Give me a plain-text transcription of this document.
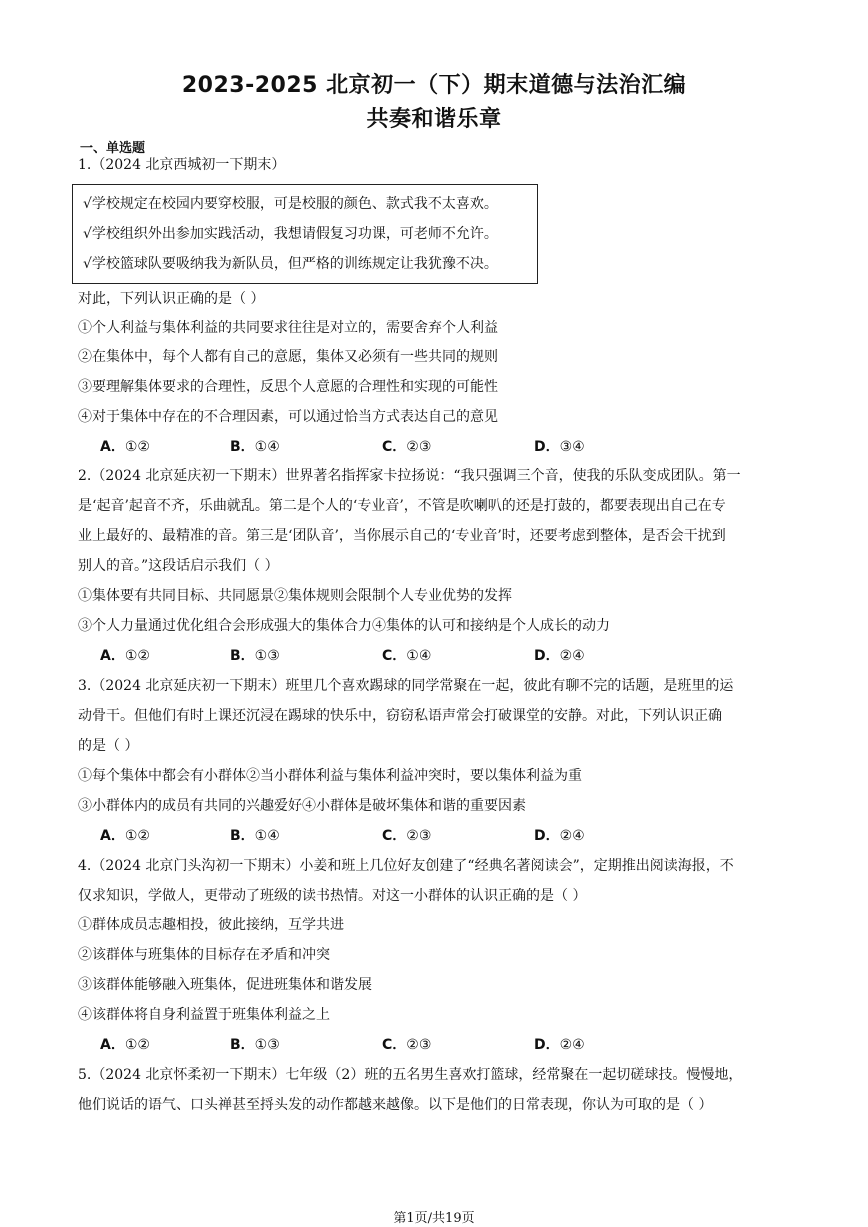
2023-2025 北京初一（下）期末道德与法治汇编
共奏和谐乐章
一、单选题
1.（2024 北京西城初一下期末）
√学校规定在校园内要穿校服，可是校服的颜色、款式我不太喜欢。
√学校组织外出参加实践活动，我想请假复习功课，可老师不允许。
√学校篮球队要吸纳我为新队员，但严格的训练规定让我犹豫不决。
对此，下列认识正确的是（ ）
①个人利益与集体利益的共同要求往往是对立的，需要舍弃个人利益
②在集体中，每个人都有自己的意愿，集体又必须有一些共同的规则
③要理解集体要求的合理性，反思个人意愿的合理性和实现的可能性
④对于集体中存在的不合理因素，可以通过恰当方式表达自己的意见
A．①②	B．①④	C．②③	D．③④
2.（2024 北京延庆初一下期末）世界著名指挥家卡拉扬说：“我只强调三个音，使我的乐队变成团队。第一
是‘起音’起音不齐，乐曲就乱。第二是个人的‘专业音’，不管是吹喇叭的还是打鼓的，都要表现出自己在专
业上最好的、最精准的音。第三是‘团队音’，当你展示自己的‘专业音’时，还要考虑到整体，是否会干扰到
别人的音。”这段话启示我们（ ）
①集体要有共同目标、共同愿景②集体规则会限制个人专业优势的发挥
③个人力量通过优化组合会形成强大的集体合力④集体的认可和接纳是个人成长的动力
A．①②	B．①③	C．①④	D．②④
3.（2024 北京延庆初一下期末）班里几个喜欢踢球的同学常聚在一起，彼此有聊不完的话题，是班里的运
动骨干。但他们有时上课还沉浸在踢球的快乐中，窃窃私语声常会打破课堂的安静。对此，下列认识正确
的是（ ）
①每个集体中都会有小群体②当小群体利益与集体利益冲突时，要以集体利益为重
③小群体内的成员有共同的兴趣爱好④小群体是破坏集体和谐的重要因素
A．①②	B．①④	C．②③	D．②④
4.（2024 北京门头沟初一下期末）小姜和班上几位好友创建了“经典名著阅读会”，定期推出阅读海报，不
仅求知识，学做人，更带动了班级的读书热情。对这一小群体的认识正确的是（ ）
①群体成员志趣相投，彼此接纳，互学共进
②该群体与班集体的目标存在矛盾和冲突
③该群体能够融入班集体，促进班集体和谐发展
④该群体将自身利益置于班集体利益之上
A．①②	B．①③	C．②③	D．②④
5.（2024 北京怀柔初一下期末）七年级（2）班的五名男生喜欢打篮球，经常聚在一起切磋球技。慢慢地，
他们说话的语气、口头禅甚至捋头发的动作都越来越像。以下是他们的日常表现，你认为可取的是（ ）
第1页/共19页
